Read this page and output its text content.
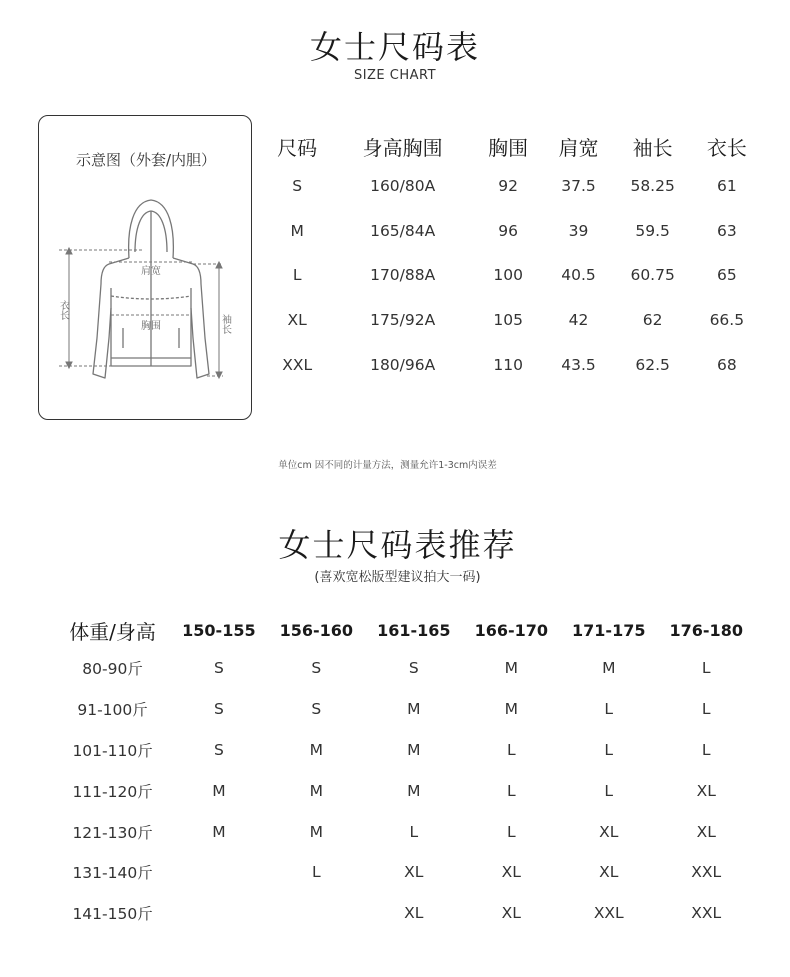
女士尺码表
SIZE CHART
示意图（外套/内胆）
肩宽
胸围
衣长
袖长
尺码	身高胸围	胸围	肩宽	袖长	衣长
S	160/80A	92	37.5	58.25	61
M	165/84A	96	39	59.5	63
L	170/88A	100	40.5	60.75	65
XL	175/92A	105	42	62	66.5
XXL	180/96A	110	43.5	62.5	68
单位cm 因不同的计量方法，测量允许1-3cm内误差
女士尺码表推荐
(喜欢宽松版型建议拍大一码)
体重/身高	150-155	156-160	161-165	166-170	171-175	176-180
80-90斤	S	S	S	M	M	L
91-100斤	S	S	M	M	L	L
101-110斤	S	M	M	L	L	L
111-120斤	M	M	M	L	L	XL
121-130斤	M	M	L	L	XL	XL
131-140斤		L	XL	XL	XL	XXL
141-150斤			XL	XL	XXL	XXL
